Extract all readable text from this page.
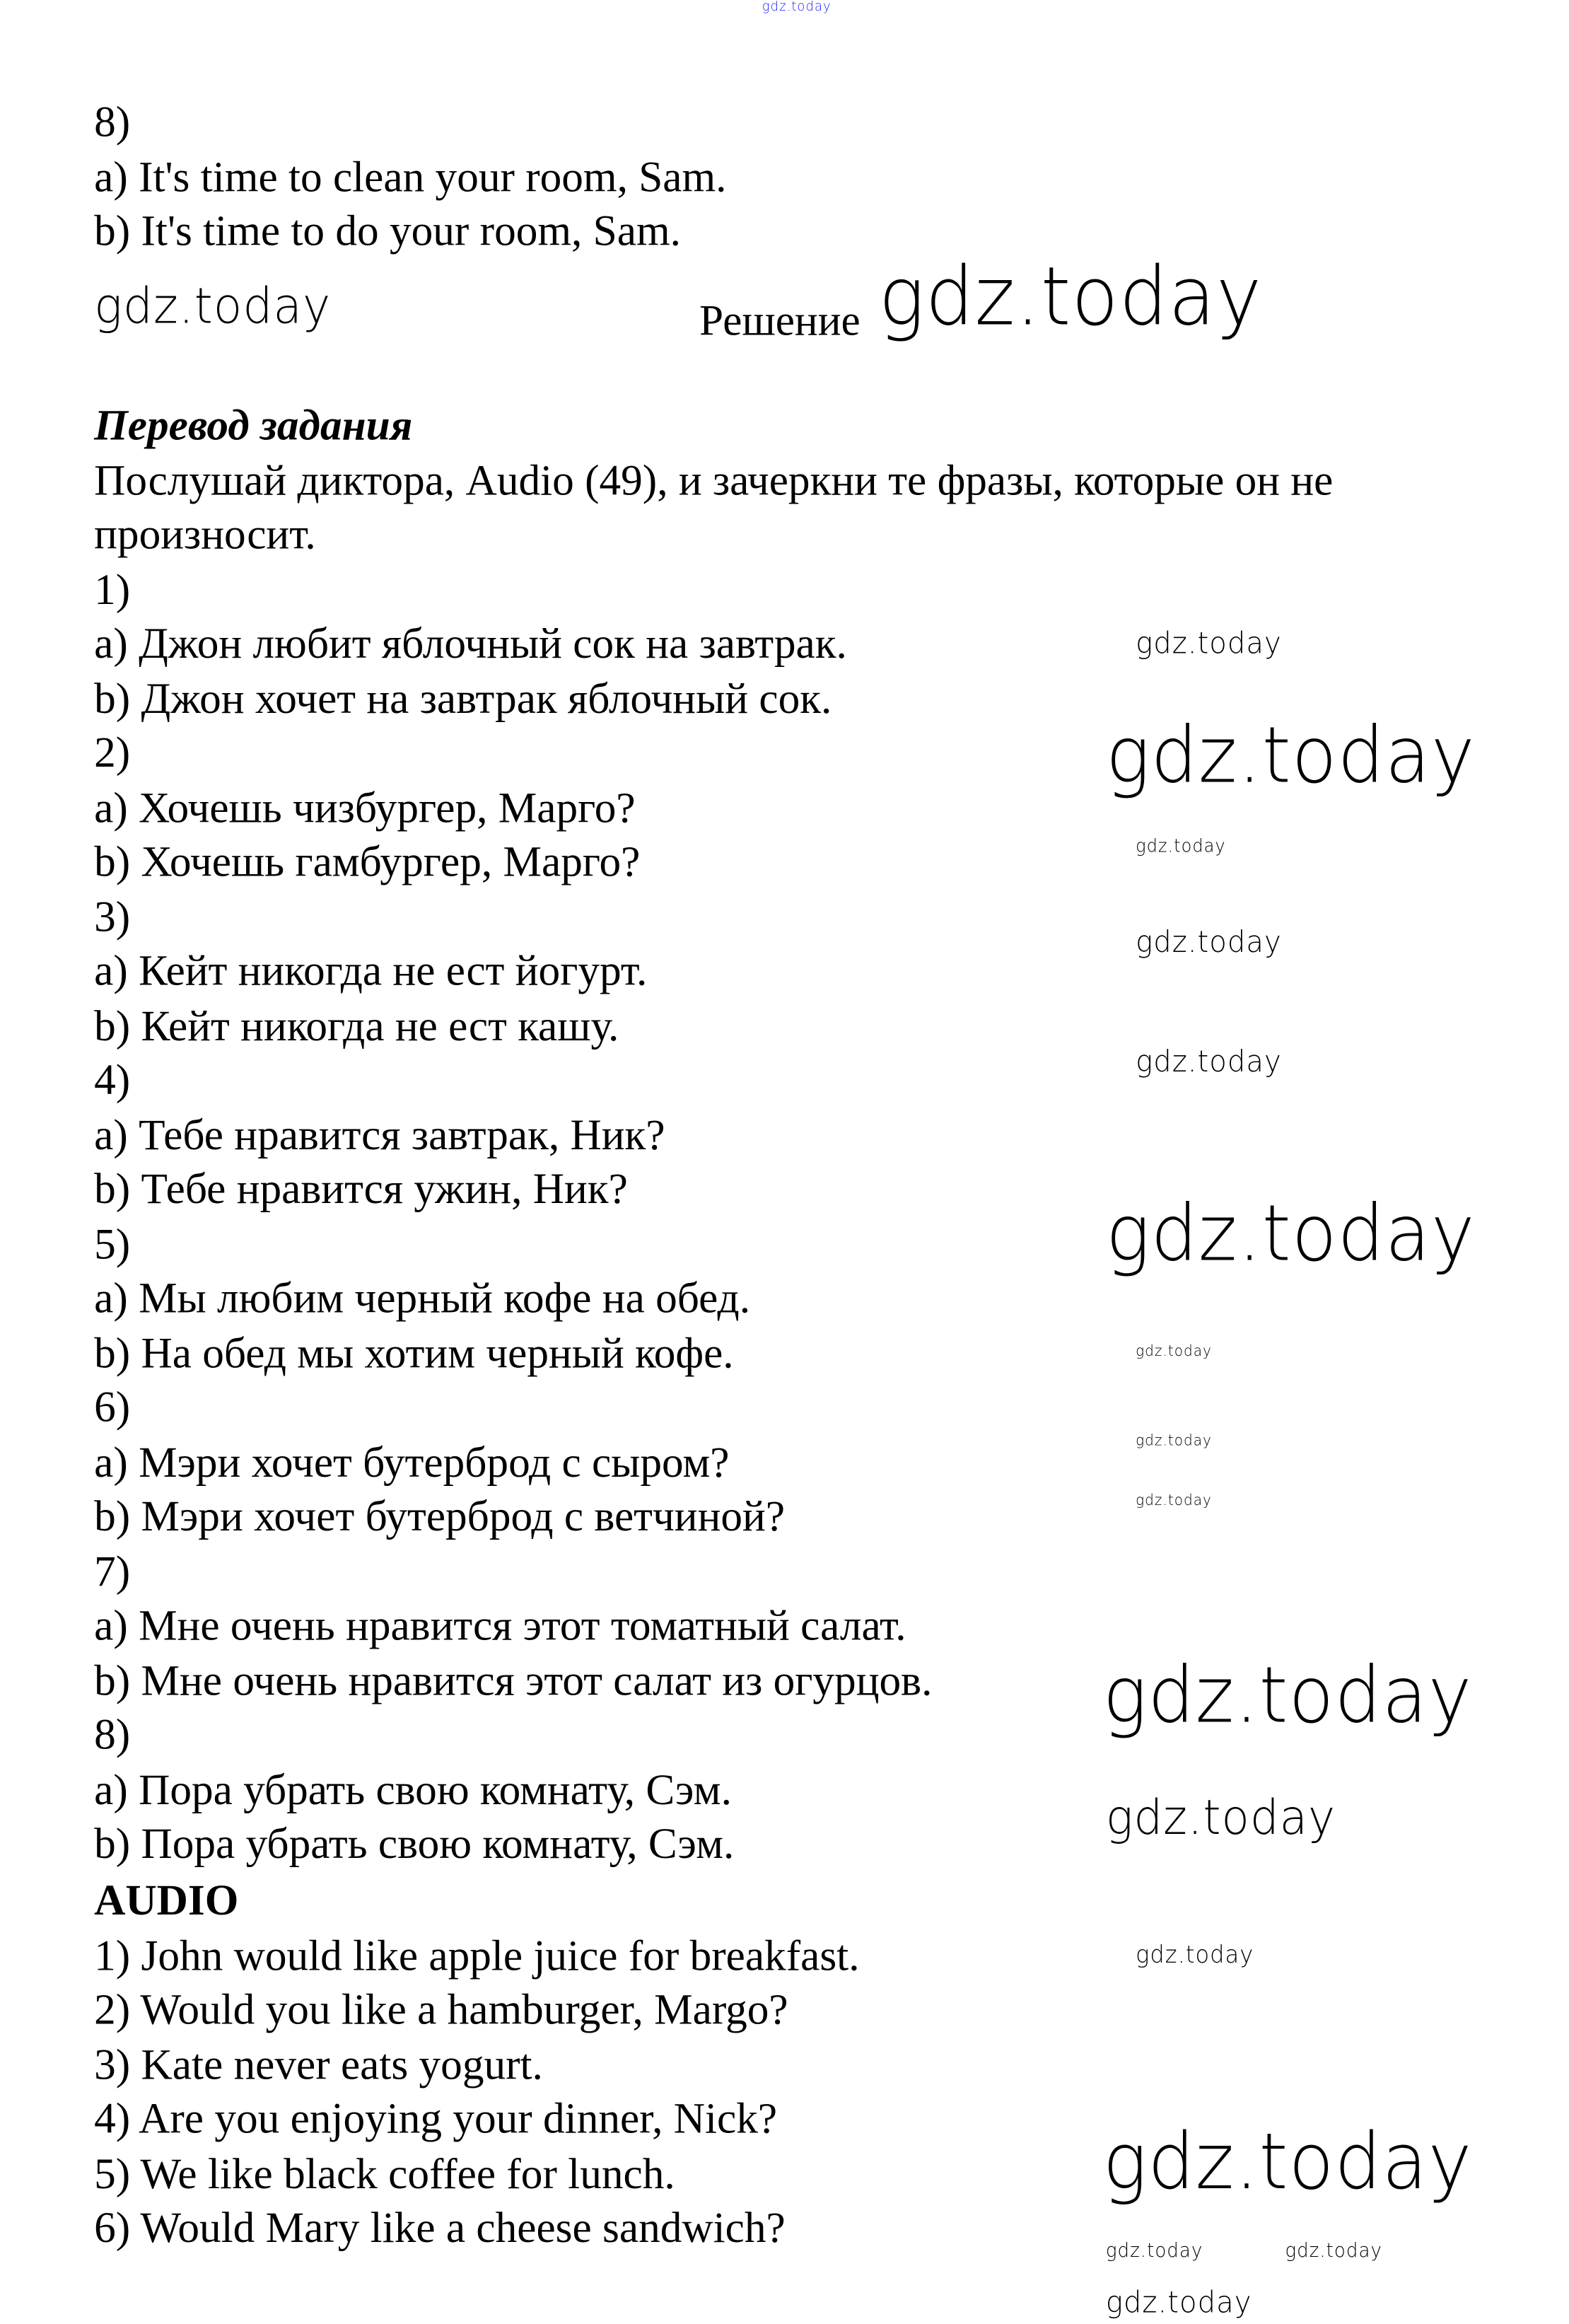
8)
a) It's time to clean your room, Sam.
b) It's time to do your room, Sam.
Решение
Перевод задания
Послушай диктора, Audio (49), и зачеркни те фразы, которые он не
произносит.
1)
a) Джон любит яблочный сок на завтрак.
b) Джон хочет на завтрак яблочный сок.
2)
a) Хочешь чизбургер, Марго?
b) Хочешь гамбургер, Марго?
3)
a) Кейт никогда не ест йогурт.
b) Кейт никогда не ест кашу.
4)
a) Тебе нравится завтрак, Ник?
b) Тебе нравится ужин, Ник?
5)
a) Мы любим черный кофе на обед.
b) На обед мы хотим черный кофе.
6)
a) Мэри хочет бутерброд с сыром?
b) Мэри хочет бутерброд с ветчиной?
7)
a) Мне очень нравится этот томатный салат.
b) Мне очень нравится этот салат из огурцов.
8)
a) Пора убрать свою комнату, Сэм.
b) Пора убрать свою комнату, Сэм.
AUDIO
1) John would like apple juice for breakfast.
2) Would you like a hamburger, Margo?
3) Kate never eats yogurt.
4) Are you enjoying your dinner, Nick?
5) We like black coffee for lunch.
6) Would Mary like a cheese sandwich?
gdz.today
gdz.today	gdz.today
gdz.today
gdz.today
gdz.today
gdz.today
gdz.today
gdz.today
gdz.today
gdz.today
gdz.today
gdz.today
gdz.today
gdz.today
gdz.today
gdz.today	gdz.today
gdz.today
